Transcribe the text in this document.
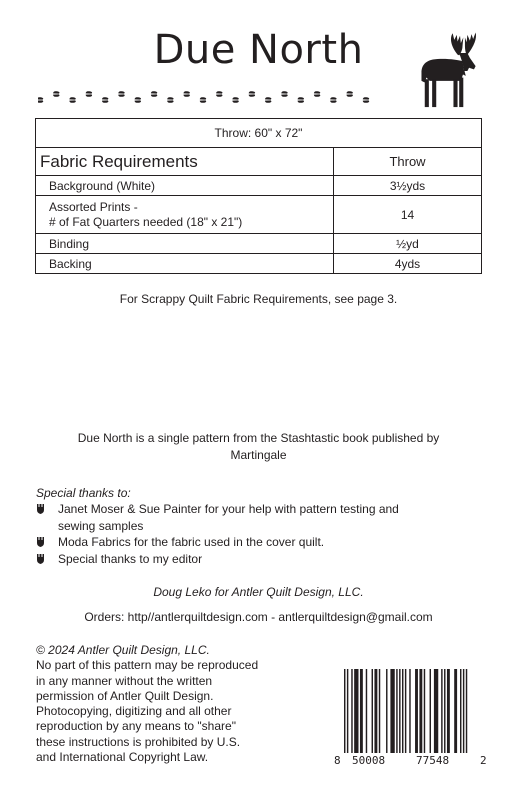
Due North
Throw: 60" x 72"
Fabric Requirements	Throw
Background (White)	3½yds
Assorted Prints -
# of Fat Quarters needed (18" x 21")	14
Binding	½yd
Backing	4yds
For Scrappy Quilt Fabric Requirements, see page 3.
Due North is a single pattern from the Stashtastic book published by
Martingale
Special thanks to:
Janet Moser & Sue Painter for your help with pattern testing and
sewing samples
Moda Fabrics for the fabric used in the cover quilt.
Special thanks to my editor
Doug Leko for Antler Quilt Design, LLC.
Orders: http//antlerquiltdesign.com - antlerquiltdesign@gmail.com
© 2024 Antler Quilt Design, LLC.
No part of this pattern may be reproduced
in any manner without the written
permission of Antler Quilt Design.
Photocopying, digitizing and all other
reproduction by any means to "share"
these instructions is prohibited by U.S.
and International Copyright Law.	8 50008	77548	2
